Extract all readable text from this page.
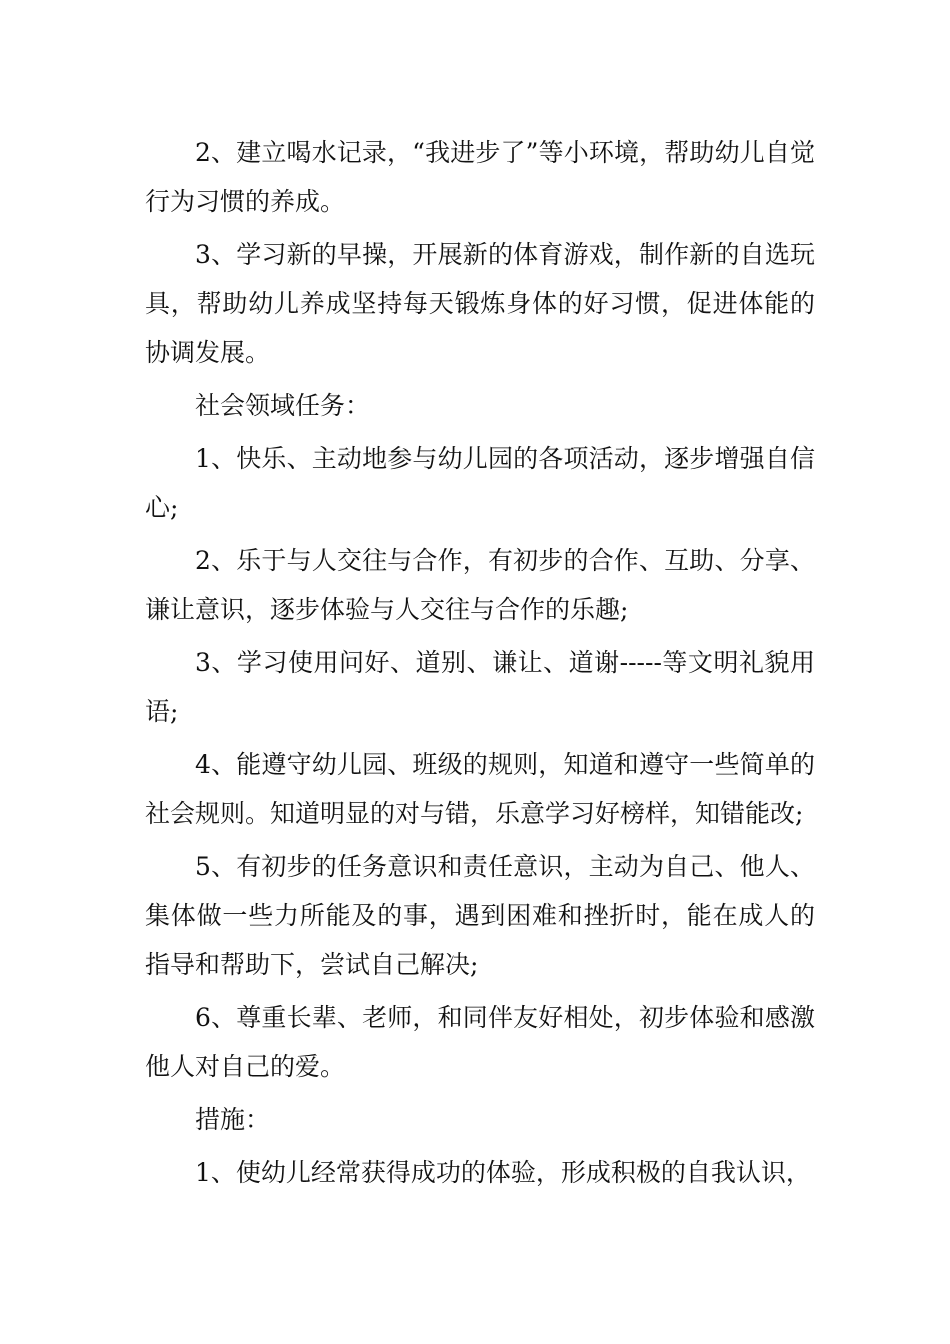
2、建立喝水记录，“我进步了”等小环境，帮助幼儿自觉行为习惯的养成。

3、学习新的早操，开展新的体育游戏，制作新的自选玩具，帮助幼儿养成坚持每天锻炼身体的好习惯，促进体能的协调发展。

社会领域任务：

1、快乐、主动地参与幼儿园的各项活动，逐步增强自信心;

2、乐于与人交往与合作，有初步的合作、互助、分享、谦让意识，逐步体验与人交往与合作的乐趣;

3、学习使用问好、道别、谦让、道谢-----等文明礼貌用语;

4、能遵守幼儿园、班级的规则，知道和遵守一些简单的社会规则。知道明显的对与错，乐意学习好榜样，知错能改;

5、有初步的任务意识和责任意识，主动为自己、他人、集体做一些力所能及的事，遇到困难和挫折时，能在成人的指导和帮助下，尝试自己解决;

6、尊重长辈、老师，和同伴友好相处，初步体验和感激他人对自己的爱。

措施：

1、使幼儿经常获得成功的体验，形成积极的自我认识，
